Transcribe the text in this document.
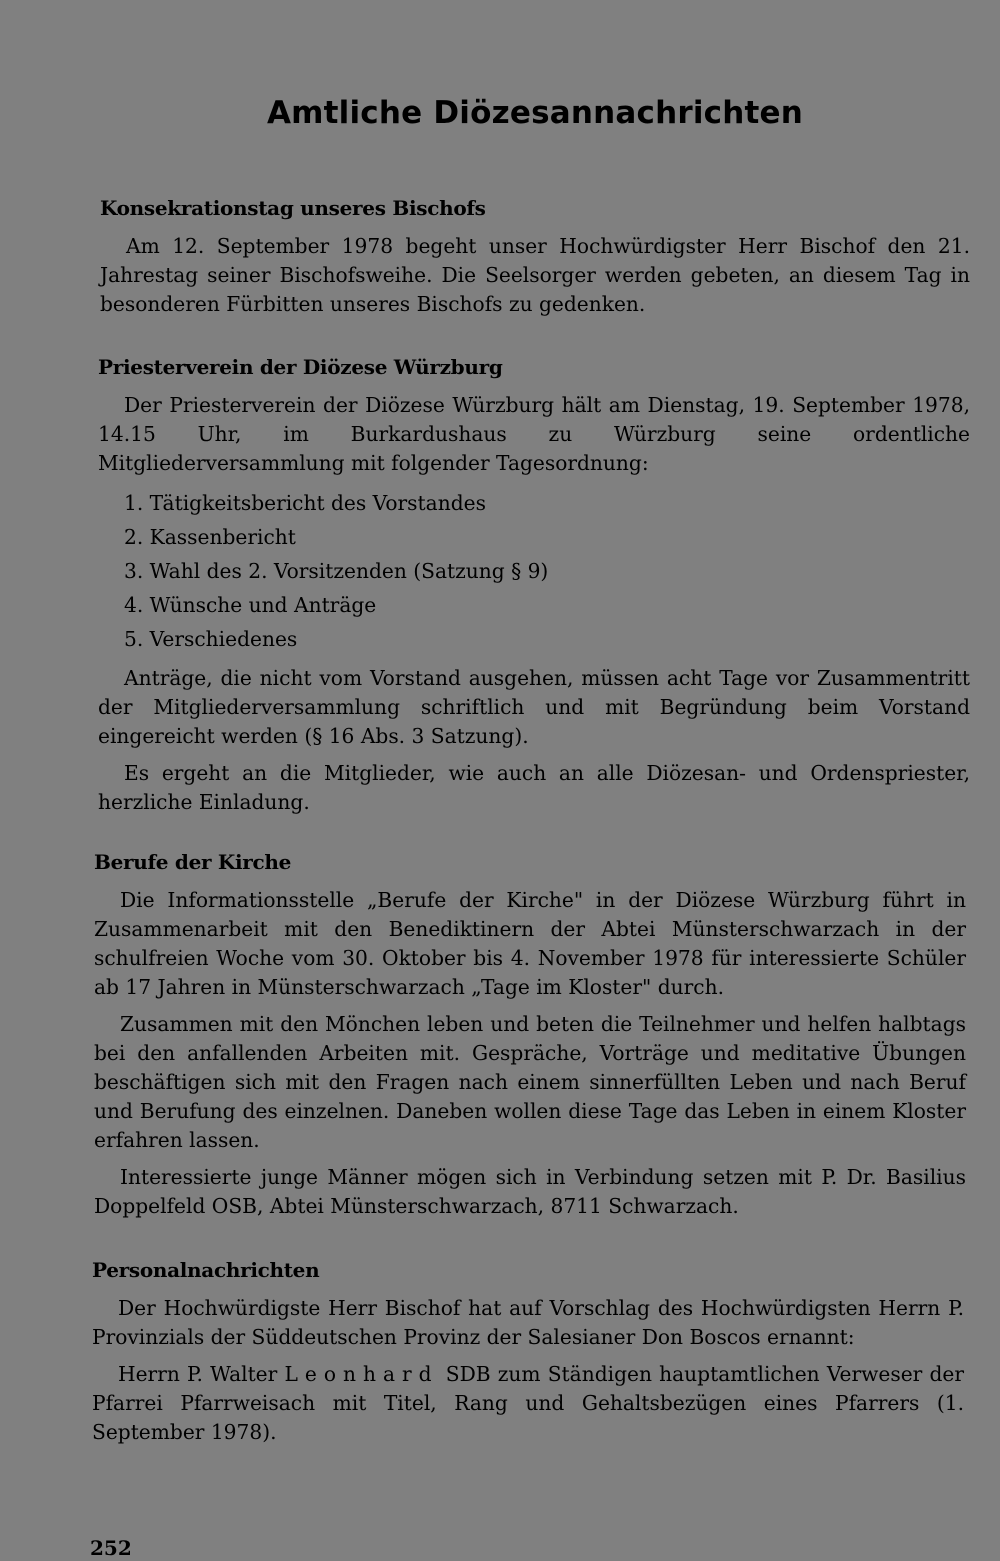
Amtliche Diözesannachrichten
Konsekrationstag unseres Bischofs

Am 12. September 1978 begeht unser Hochwürdigster Herr Bischof den 21. Jahrestag seiner Bischofsweihe. Die Seelsorger werden gebeten, an diesem Tag in besonderen Fürbitten unseres Bischofs zu gedenken.

Priesterverein der Diözese Würzburg

Der Priesterverein der Diözese Würzburg hält am Dienstag, 19. September 1978, 14.15 Uhr, im Burkardushaus zu Würzburg seine ordentliche Mitgliederversammlung mit folgender Tagesordnung:

1. Tätigkeitsbericht des Vorstandes
2. Kassenbericht
3. Wahl des 2. Vorsitzenden (Satzung § 9)
4. Wünsche und Anträge
5. Verschiedenes

Anträge, die nicht vom Vorstand ausgehen, müssen acht Tage vor Zusammentritt der Mitgliederversammlung schriftlich und mit Begründung beim Vorstand eingereicht werden (§ 16 Abs. 3 Satzung).

Es ergeht an die Mitglieder, wie auch an alle Diözesan- und Ordenspriester, herzliche Einladung.

Berufe der Kirche

Die Informationsstelle „Berufe der Kirche" in der Diözese Würzburg führt in Zusammenarbeit mit den Benediktinern der Abtei Münsterschwarzach in der schulfreien Woche vom 30. Oktober bis 4. November 1978 für interessierte Schüler ab 17 Jahren in Münsterschwarzach „Tage im Kloster" durch.

Zusammen mit den Mönchen leben und beten die Teilnehmer und helfen halbtags bei den anfallenden Arbeiten mit. Gespräche, Vorträge und meditative Übungen beschäftigen sich mit den Fragen nach einem sinnerfüllten Leben und nach Beruf und Berufung des einzelnen. Daneben wollen diese Tage das Leben in einem Kloster erfahren lassen.

Interessierte junge Männer mögen sich in Verbindung setzen mit P. Dr. Basilius Doppelfeld OSB, Abtei Münsterschwarzach, 8711 Schwarzach.

Personalnachrichten

Der Hochwürdigste Herr Bischof hat auf Vorschlag des Hochwürdigsten Herrn P. Provinzials der Süddeutschen Provinz der Salesianer Don Boscos ernannt:

Herrn P. Walter Leonhard SDB zum Ständigen hauptamtlichen Verweser der Pfarrei Pfarrweisach mit Titel, Rang und Gehaltsbezügen eines Pfarrers (1. September 1978).

252
